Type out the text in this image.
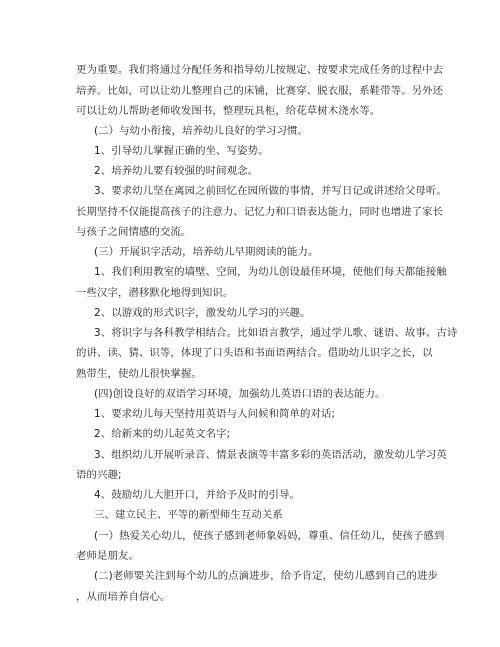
更为重要。我们将通过分配任务和指导幼儿按规定、按要求完成任务的过程中去
培养。比如，可以让幼儿整理自己的床铺，比赛穿、脱衣服，系鞋带等。另外还
可以让幼儿帮助老师收发图书，整理玩具柜，给花草树木浇水等。
(二）与幼小衔接，培养幼儿良好的学习习惯。
1、引导幼儿掌握正确的坐、写姿势。
2、培养幼儿要有较强的时间观念。
3、要求幼儿坚在离园之前回忆在园所做的事情，并写日记或讲述给父母听。
长期坚持不仅能提高孩子的注意力、记忆力和口语表达能力，同时也增进了家长
与孩子之间情感的交流。
(三）开展识字活动，培养幼儿早期阅读的能力。
1、我们利用教室的墙壁、空间，为幼儿创设最佳环境，使他们每天都能接触
一些汉字，潜移默化地得到知识。
2、以游戏的形式识字，激发幼儿学习的兴趣。
3、将识字与各科教学相结合。比如语言教学，通过学儿歌、谜语、故事、古诗
的讲、读、猜、识等，体现了口头语和书面语两结合。借助幼儿识字之长，以
熟带生，使幼儿很快掌握。
(四)创设良好的双语学习环境，加强幼儿英语口语的表达能力。
1、要求幼儿每天坚持用英语与人问候和简单的对话;
2、给新来的幼儿起英文名字;
3、组织幼儿开展听录音、情景表演等丰富多彩的英语活动，激发幼儿学习英
语的兴趣;
4、鼓励幼儿大胆开口，并给予及时的引导。
三、建立民主、平等的新型师生互动关系
(一）热爱关心幼儿，使孩子感到老师象妈妈，尊重、信任幼儿，使孩子感到
老师是朋友。
(二)老师要关注到每个幼儿的点滴进步，给予肯定，使幼儿感到自己的进步
，从而培养自信心。
